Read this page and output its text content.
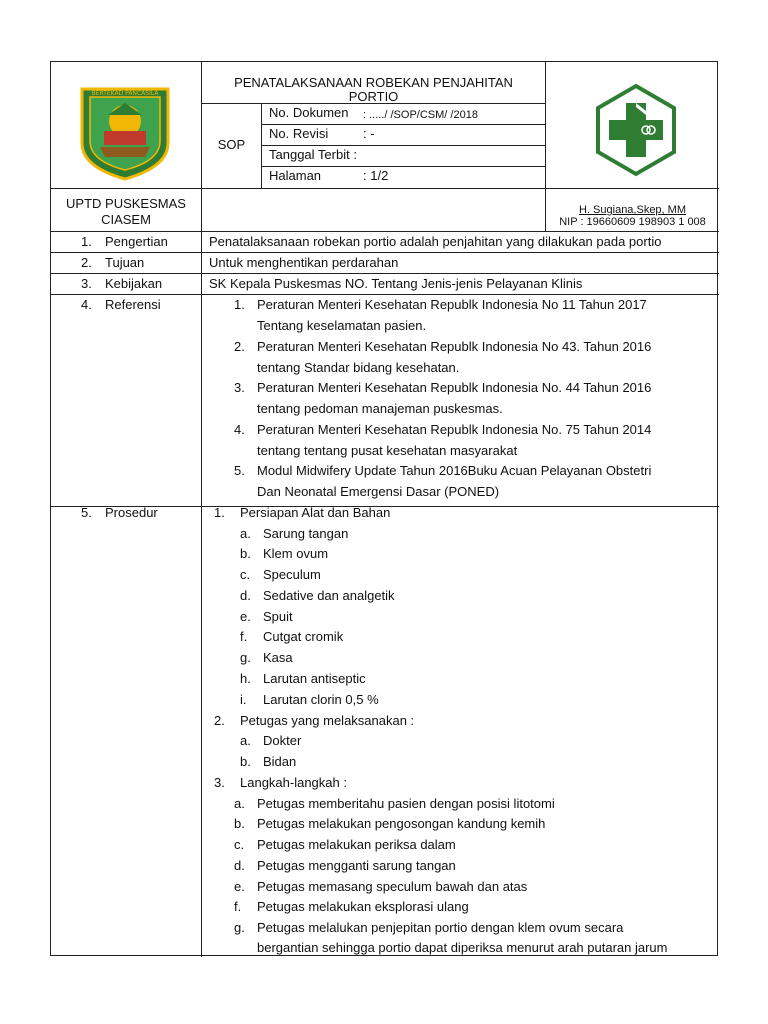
BERTEKAD PANCASILA
PENATALAKSANAAN ROBEKAN PENJAHITAN
PORTIO
SOP
No. Dokumen : ...../ /SOP/CSM/ /2018
No. Revisi	: -
Tanggal Terbit :
Halaman	: 1/2
UPTD PUSKESMAS
CIASEM
H. Sugiana,Skep, MM
NIP : 19660609 198903 1 008
1. Pengertian	Penatalaksanaan robekan portio adalah penjahitan yang dilakukan pada portio
2. Tujuan	Untuk menghentikan perdarahan
3. Kebijakan	SK Kepala Puskesmas NO. Tentang Jenis-jenis Pelayanan Klinis
4. Referensi	1. Peraturan Menteri Kesehatan Republk Indonesia No 11 Tahun 2017
Tentang keselamatan pasien.
2. Peraturan Menteri Kesehatan Republk Indonesia No 43. Tahun 2016
tentang Standar bidang kesehatan.
3. Peraturan Menteri Kesehatan Republk Indonesia No. 44 Tahun 2016
tentang pedoman manajeman puskesmas.
4. Peraturan Menteri Kesehatan Republk Indonesia No. 75 Tahun 2014
tentang tentang pusat kesehatan masyarakat
5. Modul Midwifery Update Tahun 2016Buku Acuan Pelayanan Obstetri
Dan Neonatal Emergensi Dasar (PONED)
5. Prosedur	1. Persiapan Alat dan Bahan
a. Sarung tangan
b. Klem ovum
c. Speculum
d. Sedative dan analgetik
e. Spuit
f. Cutgat cromik
g. Kasa
h. Larutan antiseptic
i. Larutan clorin 0,5 %
2. Petugas yang melaksanakan :
a. Dokter
b. Bidan
3. Langkah-langkah :
a. Petugas memberitahu pasien dengan posisi litotomi
b. Petugas melakukan pengosongan kandung kemih
c. Petugas melakukan periksa dalam
d. Petugas mengganti sarung tangan
e. Petugas memasang speculum bawah dan atas
f. Petugas melakukan eksplorasi ulang
g. Petugas melalukan penjepitan portio dengan klem ovum secara
bergantian sehingga portio dapat diperiksa menurut arah putaran jarum
